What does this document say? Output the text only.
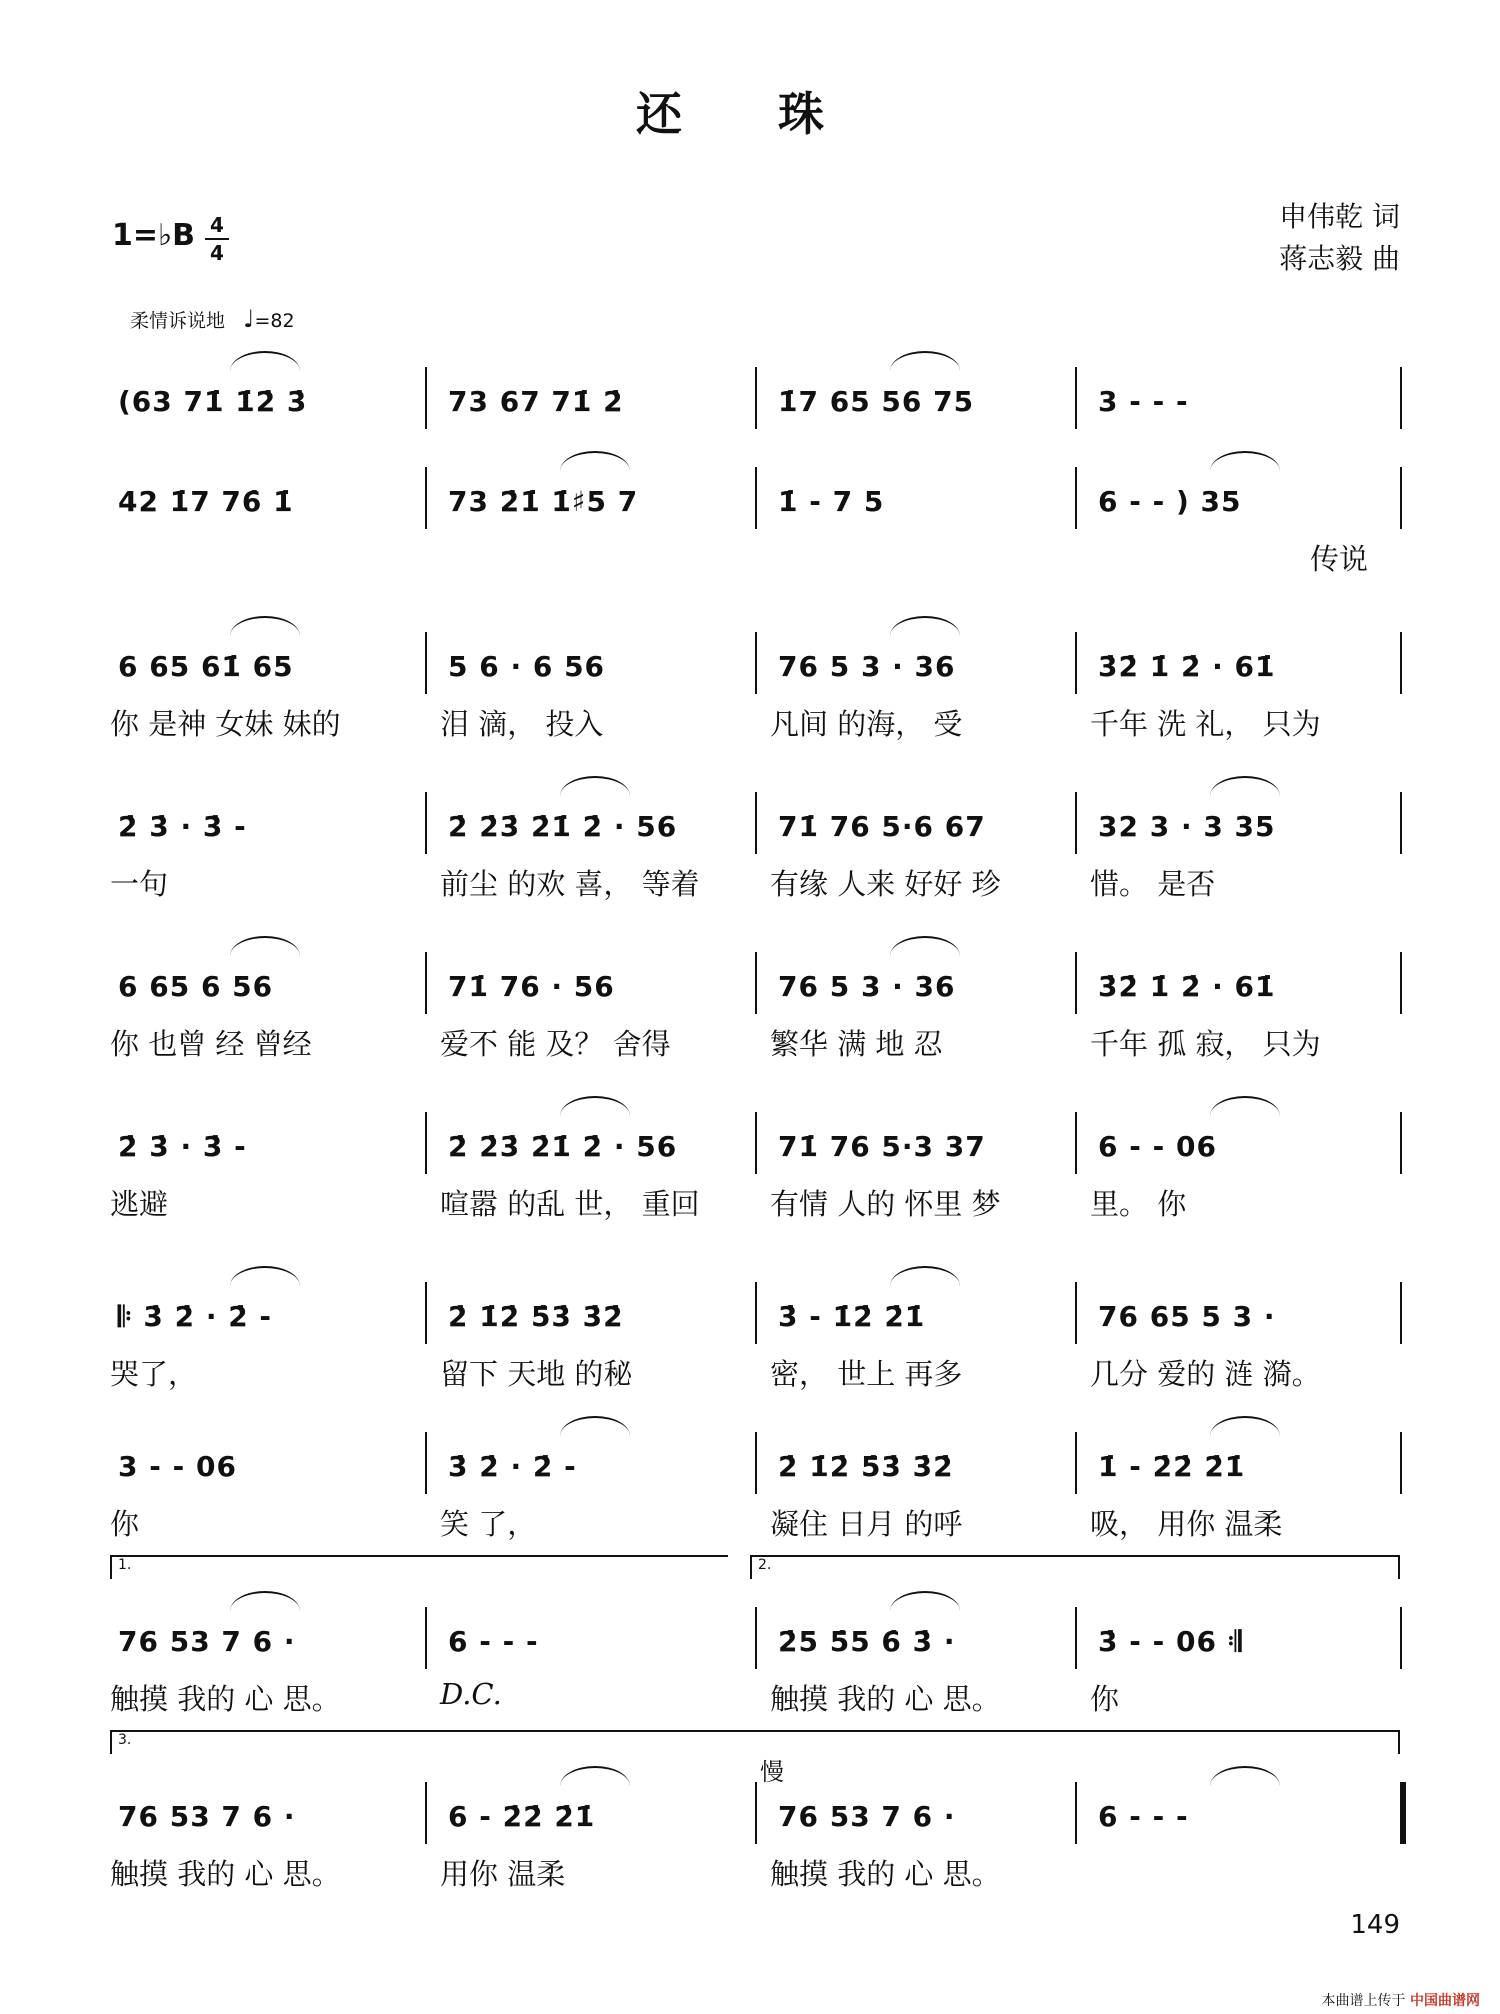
还 珠
1=♭B 4
4
申伟乾 词
蒋志毅 曲
柔情诉说地 ♩=82
(63 71̇ 1̇2̇ 3̇	73 67 71̇ 2̇	1̇7 65 56 75	3 - - -
42 1̇7 76̇ 1̇	73 2̇1̇ 1̇♯5 7	1̇ - 7 5	6 - - ) 35
传说
6 65 61̇ 65	5 6 · 6 56	76 5 3 · 36	3̇2̇ 1̇ 2̇ · 61̇
你 是神 女妹 妹的	泪 滴， 投入	凡间 的海， 受	千年 洗 礼， 只为
2̇ 3̇ · 3̇ -	2̇ 2̇3̇ 2̇1̇ 2̇ · 56	71̇ 76 5·6 67	32 3 · 3 35
一句	前尘 的欢 喜， 等着 有缘 人来 好好 珍	惜。 是否
6 65 6 56	71̇ 76 · 56	76 5 3 · 36	3̇2̇ 1̇ 2̇ · 61̇
你 也曾 经 曾经	爱不 能 及？ 舍得	繁华 满 地 忍	千年 孤 寂， 只为
2̇ 3̇ · 3̇ -	2̇ 2̇3̇ 2̇1̇ 2̇ · 56	71̇ 76 5·3 37	6 - - 06
逃避	喧嚣 的乱 世， 重回 有情 人的 怀里 梦	里。 你
𝄆 3̇ 2̇ · 2̇ -	2̇ 1̇2̇ 5̇3̇ 3̇2̇	3̇ - 1̇2̇ 2̇1̇	76 65 5 3 ·
哭了，	留下 天地 的秘	密， 世上 再多	几分 爱的 涟 漪。
3 - - 06	3̇ 2̇ · 2̇ -	2̇ 1̇2̇ 5̇3̇ 3̇2̇	1̇ - 2̇2̇ 2̇1̇
你	笑 了，	凝住 日月 的呼	吸， 用你 温柔
76 53 7 6 ·	6 - - -	2̇5 5̇5 6̇ 3̇ ·	3̇ - - 06 𝄇
触摸 我的 心 思。	D.C.	触摸 我的 心 思。	你
1.	2.
76 53 7 6 ·	6 - 2̇2̇ 2̇1̇	76 53 7 6 ·	6 - - -
触摸 我的 心 思。	用你 温柔	触摸 我的 心 思。
3.
慢
149
本曲谱上传于 中国曲谱网
